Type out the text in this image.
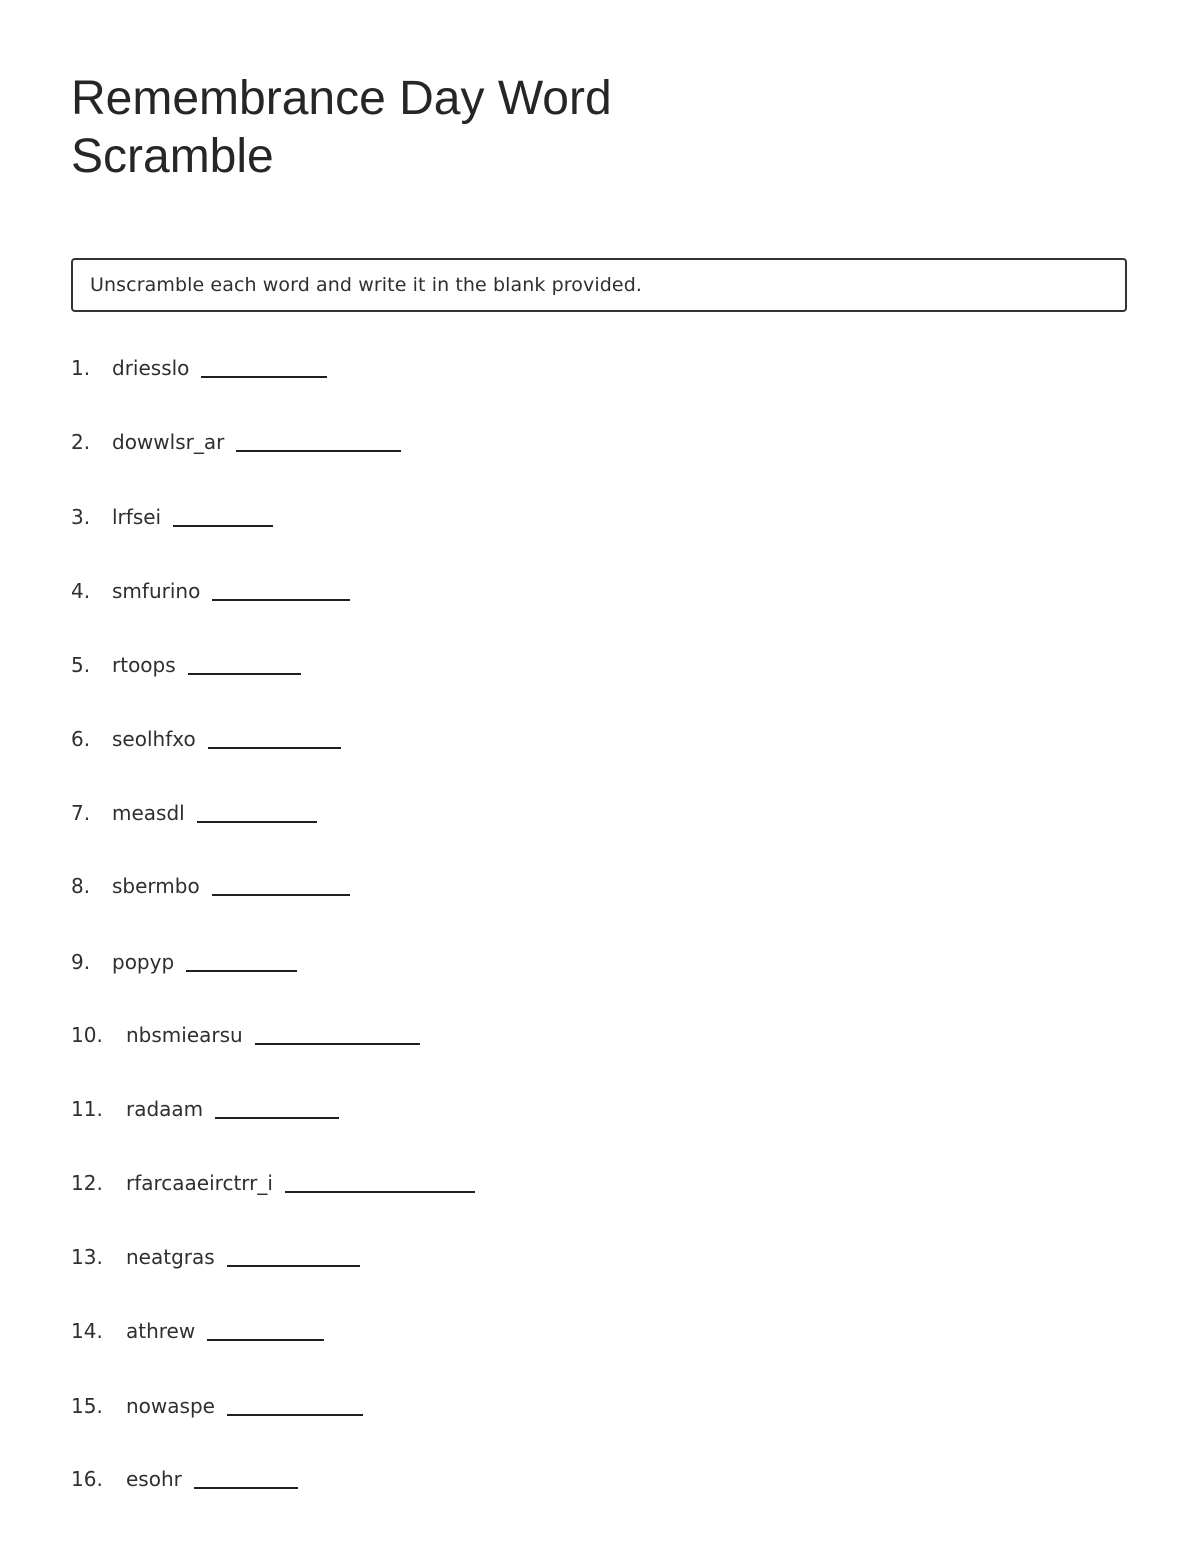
Remembrance Day Word Scramble
Unscramble each word and write it in the blank provided.
1.	driesslo
2.	dowwlsr_ar
3.	lrfsei
4.	smfurino
5.	rtoops
6.	seolhfxo
7.	measdl
8.	sbermbo
9.	popyp
10.	nbsmiearsu
11.	radaam
12.	rfarcaaeirctrr_i
13.	neatgras
14.	athrew
15.	nowaspe
16.	esohr
